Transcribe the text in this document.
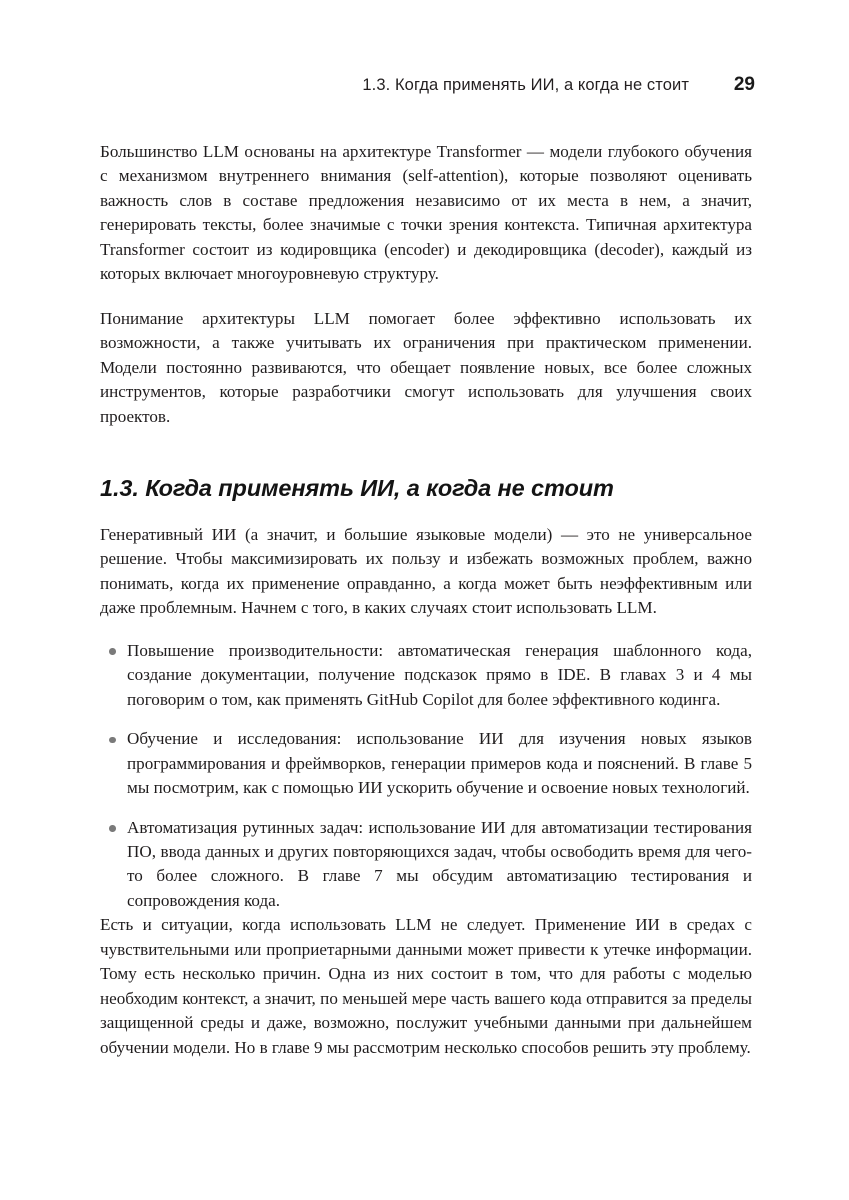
1.3. Когда применять ИИ, а когда не стоит	29

Большинство LLM основаны на архитектуре Transformer — модели глубокого обучения с механизмом внутреннего внимания (self-attention), которые позволяют оценивать важность слов в составе предложения независимо от их места в нем, а значит, генерировать тексты, более значимые с точки зрения контекста. Типичная архитектура Transformer состоит из кодировщика (encoder) и декодировщика (decoder), каждый из которых включает многоуровневую структуру.

Понимание архитектуры LLM помогает более эффективно использовать их возможности, а также учитывать их ограничения при практическом применении. Модели постоянно развиваются, что обещает появление новых, все более сложных инструментов, которые разработчики смогут использовать для улучшения своих проектов.

1.3. Когда применять ИИ, а когда не стоит

Генеративный ИИ (а значит, и большие языковые модели) — это не универсальное решение. Чтобы максимизировать их пользу и избежать возможных проблем, важно понимать, когда их применение оправданно, а когда может быть неэффективным или даже проблемным. Начнем с того, в каких случаях стоит использовать LLM.

Повышение производительности: автоматическая генерация шаблонного кода, создание документации, получение подсказок прямо в IDE. В главах 3 и 4 мы поговорим о том, как применять GitHub Copilot для более эффективного кодинга.
Обучение и исследования: использование ИИ для изучения новых языков программирования и фреймворков, генерации примеров кода и пояснений. В главе 5 мы посмотрим, как с помощью ИИ ускорить обучение и освоение новых технологий.
Автоматизация рутинных задач: использование ИИ для автоматизации тестирования ПО, ввода данных и других повторяющихся задач, чтобы освободить время для чего-то более сложного. В главе 7 мы обсудим автоматизацию тестирования и сопровождения кода.

Есть и ситуации, когда использовать LLM не следует. Применение ИИ в средах с чувствительными или проприетарными данными может привести к утечке информации. Тому есть несколько причин. Одна из них состоит в том, что для работы с моделью необходим контекст, а значит, по меньшей мере часть вашего кода отправится за пределы защищенной среды и даже, возможно, послужит учебными данными при дальнейшем обучении модели. Но в главе 9 мы рассмотрим несколько способов решить эту проблему.
